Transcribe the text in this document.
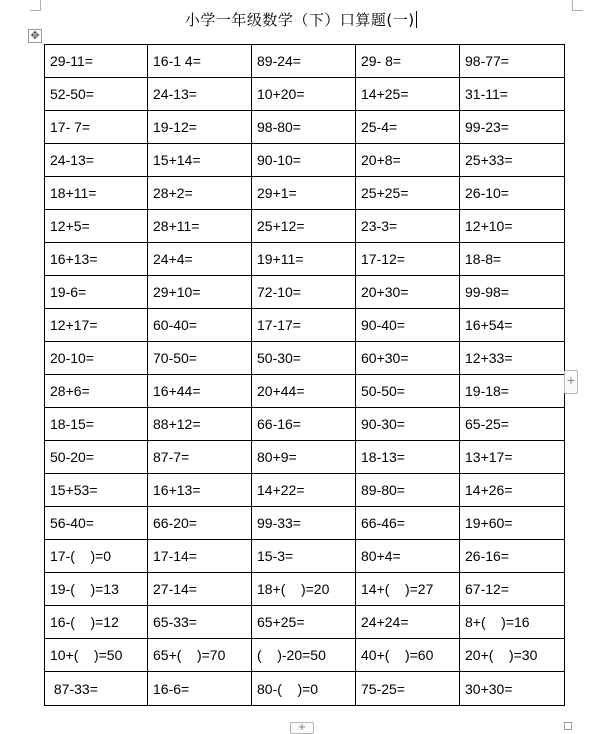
小学一年级数学（下）口算题(一)
✥
29-11=	16-1 4=	89-24=	29- 8=	98-77=
52-50=	24-13=	10+20=	14+25=	31-11=
17- 7=	19-12=	98-80=	25-4=	99-23=
24-13=	15+14=	90-10=	20+8=	25+33=
18+11=	28+2=	29+1=	25+25=	26-10=
12+5=	28+11=	25+12=	23-3=	12+10=
16+13=	24+4=	19+11=	17-12=	18-8=
19-6=	29+10=	72-10=	20+30=	99-98=
12+17=	60-40=	17-17=	90-40=	16+54=
20-10=	70-50=	50-30=	60+30=	12+33=
28+6=	16+44=	20+44=	50-50=	19-18=
18-15=	88+12=	66-16=	90-30=	65-25=
50-20=	87-7=	80+9=	18-13=	13+17=
15+53=	16+13=	14+22=	89-80=	14+26=
56-40=	66-20=	99-33=	66-46=	19+60=
17-(    )=0	17-14=	15-3=	80+4=	26-16=
19-(    )=13	27-14=	18+(    )=20	14+(    )=27	67-12=
16-(    )=12	65-33=	65+25=	24+24=	8+(    )=16
10+(    )=50	65+(    )=70	(    )-20=50	40+(    )=60	20+(    )=30
87-33=	16-6=	80-(    )=0	75-25=	30+30=
+
+
